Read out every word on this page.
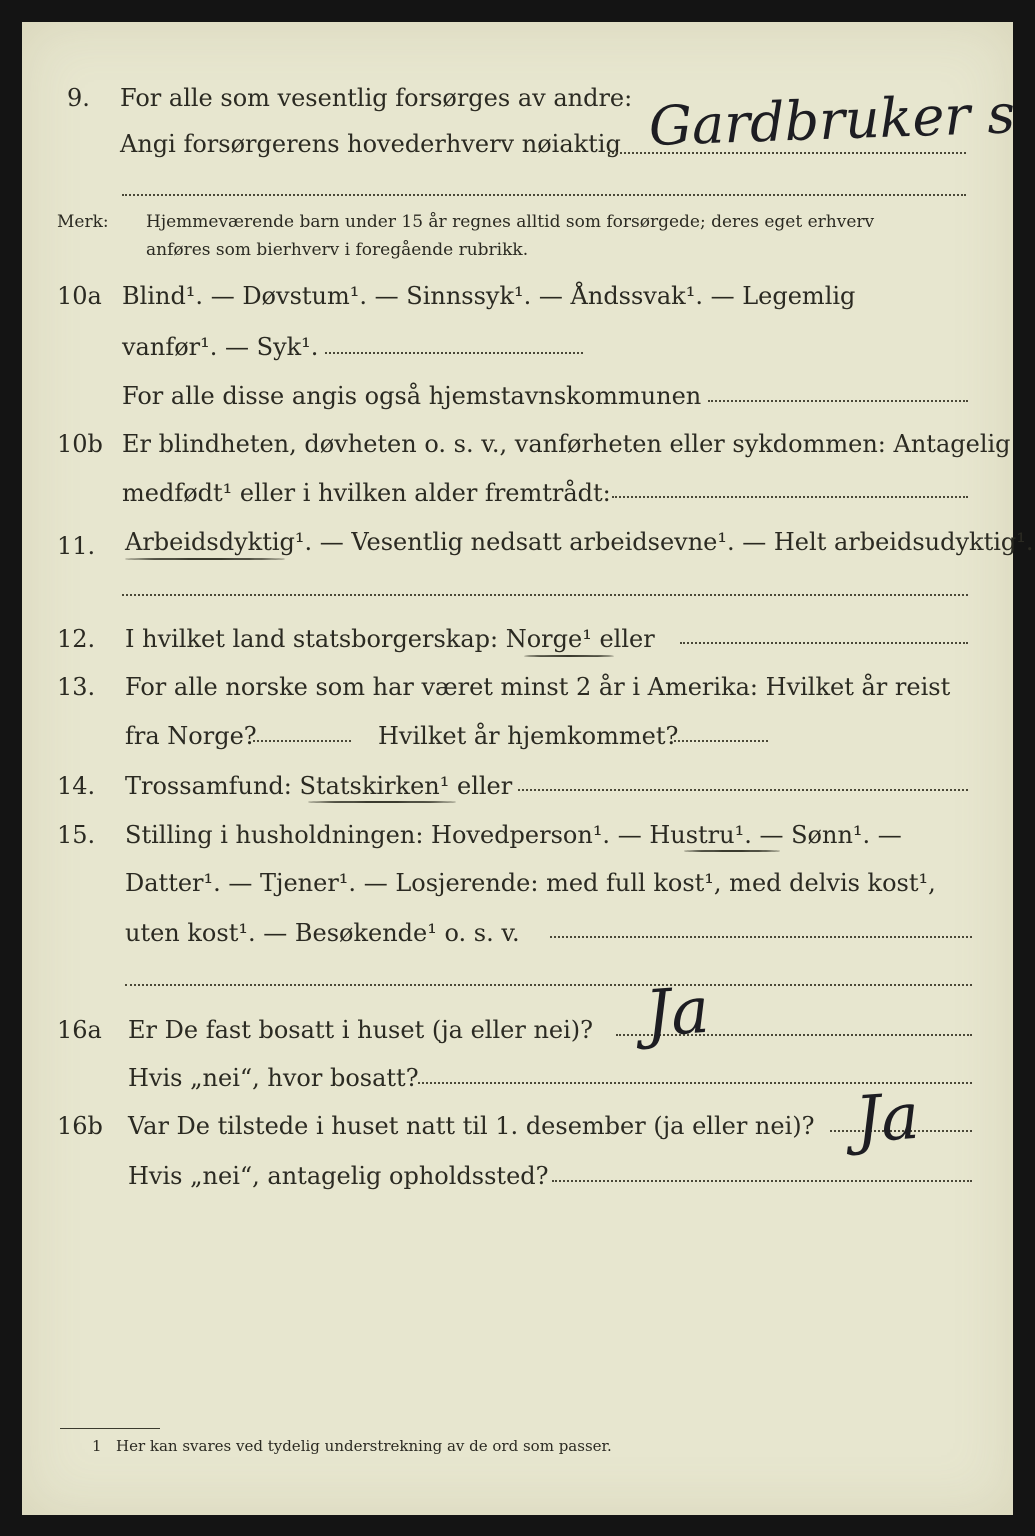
9. For alle som vesentlig forsørges av andre:
Angi forsørgerens hovederhverv nøiaktig Gardbruker s
Merk: Hjemmeværende barn under 15 år regnes alltid som forsørgede; deres eget erhverv
anføres som bierhverv i foregående rubrikk.
10a Blind¹. — Døvstum¹. — Sinnssyk¹. — Åndssvak¹. — Legemlig
vanfør¹. — Syk¹.
For alle disse angis også hjemstavnskommunen
10b Er blindheten, døvheten o. s. v., vanførheten eller sykdommen: Antagelig
medfødt¹ eller i hvilken alder fremtrådt:
11. Arbeidsdyktig¹. — Vesentlig nedsatt arbeidsevne¹. — Helt arbeidsudyktig¹.
12. I hvilket land statsborgerskap: Norge¹ eller
13. For alle norske som har været minst 2 år i Amerika: Hvilket år reist
fra Norge?	Hvilket år hjemkommet?
14. Trossamfund: Statskirken¹ eller
15. Stilling i husholdningen: Hovedperson¹. — Hustru¹. — Sønn¹. —
Datter¹. — Tjener¹. — Losjerende: med full kost¹, med delvis kost¹,
uten kost¹. — Besøkende¹ o. s. v.
16a Er De fast bosatt i huset (ja eller nei)? Ja
Hvis „nei“, hvor bosatt?
16b Var De tilstede i huset natt til 1. desember (ja eller nei)? Ja
Hvis „nei“, antagelig opholdssted?
1 Her kan svares ved tydelig understrekning av de ord som passer.
